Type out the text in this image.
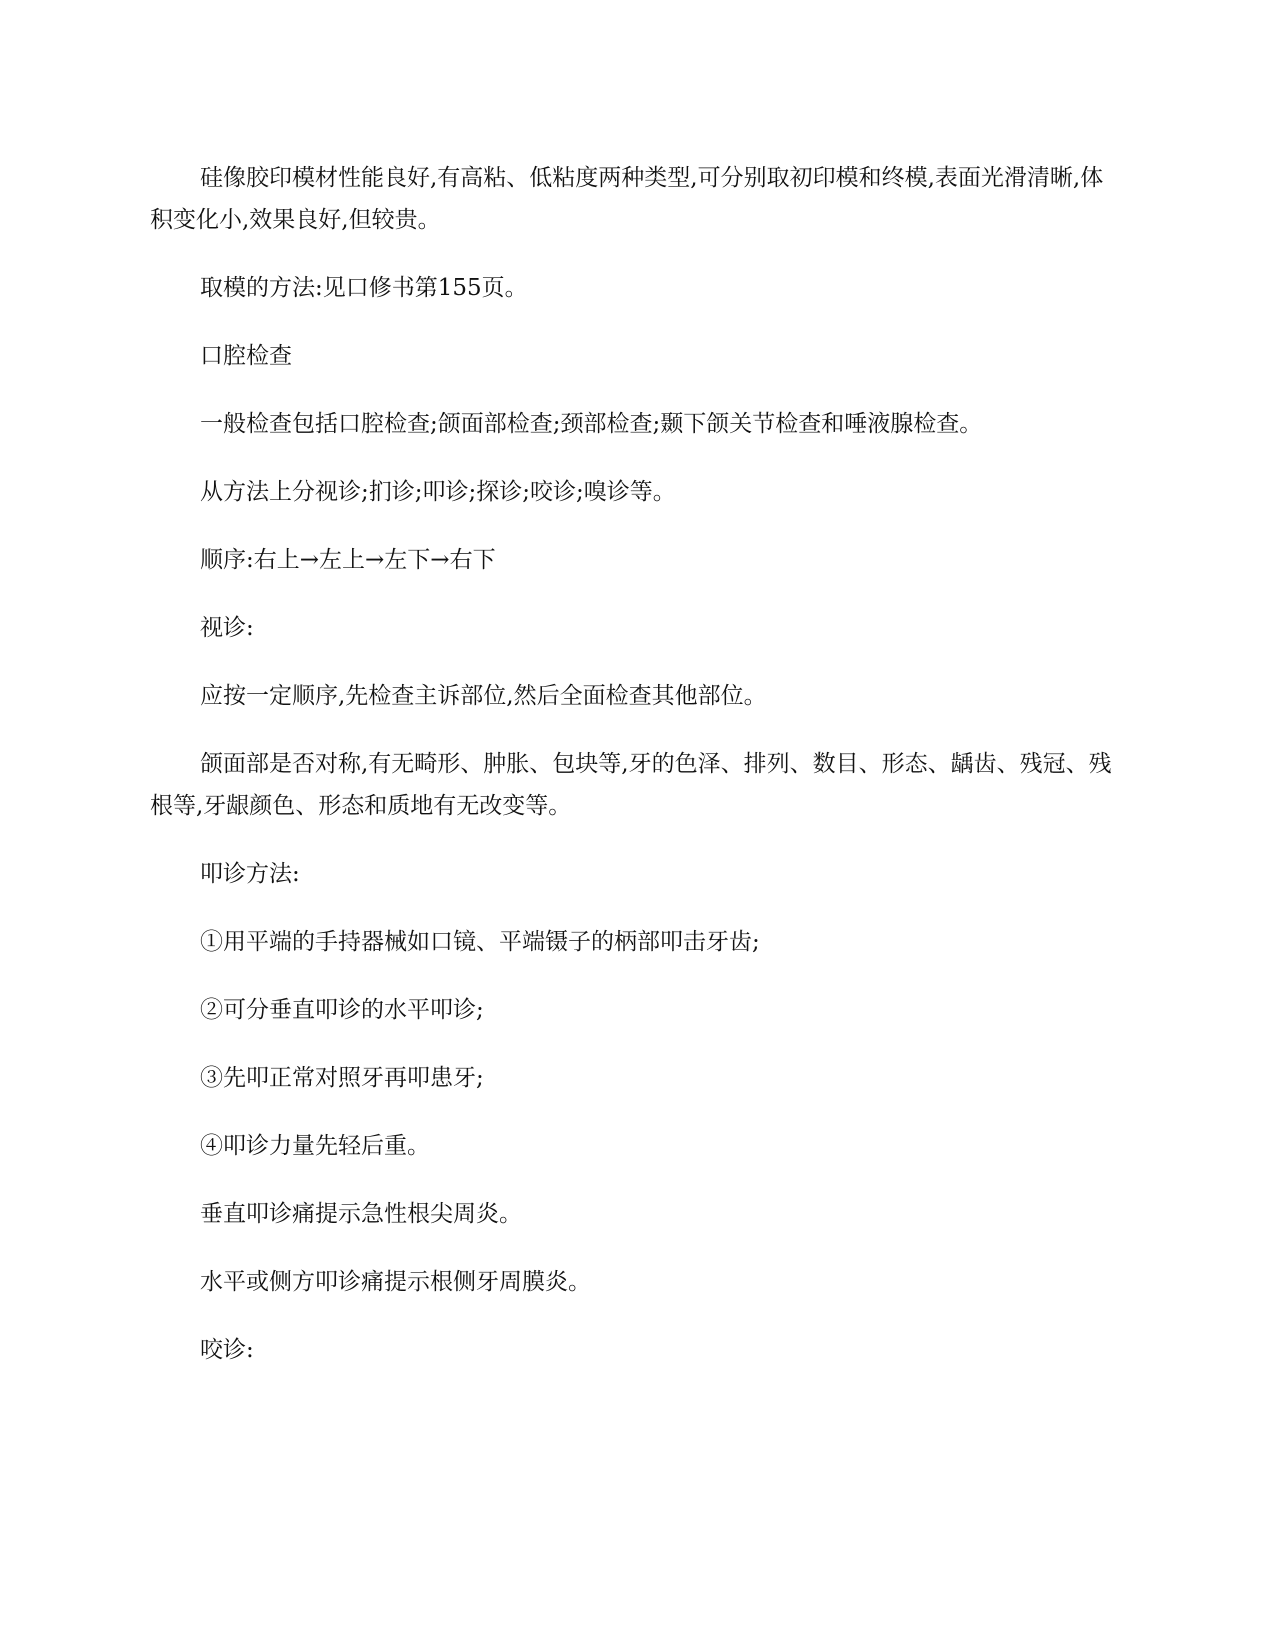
硅像胶印模材性能良好,有高粘、低粘度两种类型,可分别取初印模和终模,表面光滑清晰,体积变化小,效果良好,但较贵。

取模的方法:见口修书第155页。

口腔检查

一般检查包括口腔检查;颌面部检查;颈部检查;颞下颌关节检查和唾液腺检查。

从方法上分视诊;扪诊;叩诊;探诊;咬诊;嗅诊等。

顺序:右上→左上→左下→右下

视诊:

应按一定顺序,先检查主诉部位,然后全面检查其他部位。

颌面部是否对称,有无畸形、肿胀、包块等,牙的色泽、排列、数目、形态、龋齿、残冠、残根等,牙龈颜色、形态和质地有无改变等。

叩诊方法:

①用平端的手持器械如口镜、平端镊子的柄部叩击牙齿;

②可分垂直叩诊的水平叩诊;

③先叩正常对照牙再叩患牙;

④叩诊力量先轻后重。

垂直叩诊痛提示急性根尖周炎。

水平或侧方叩诊痛提示根侧牙周膜炎。

咬诊:
